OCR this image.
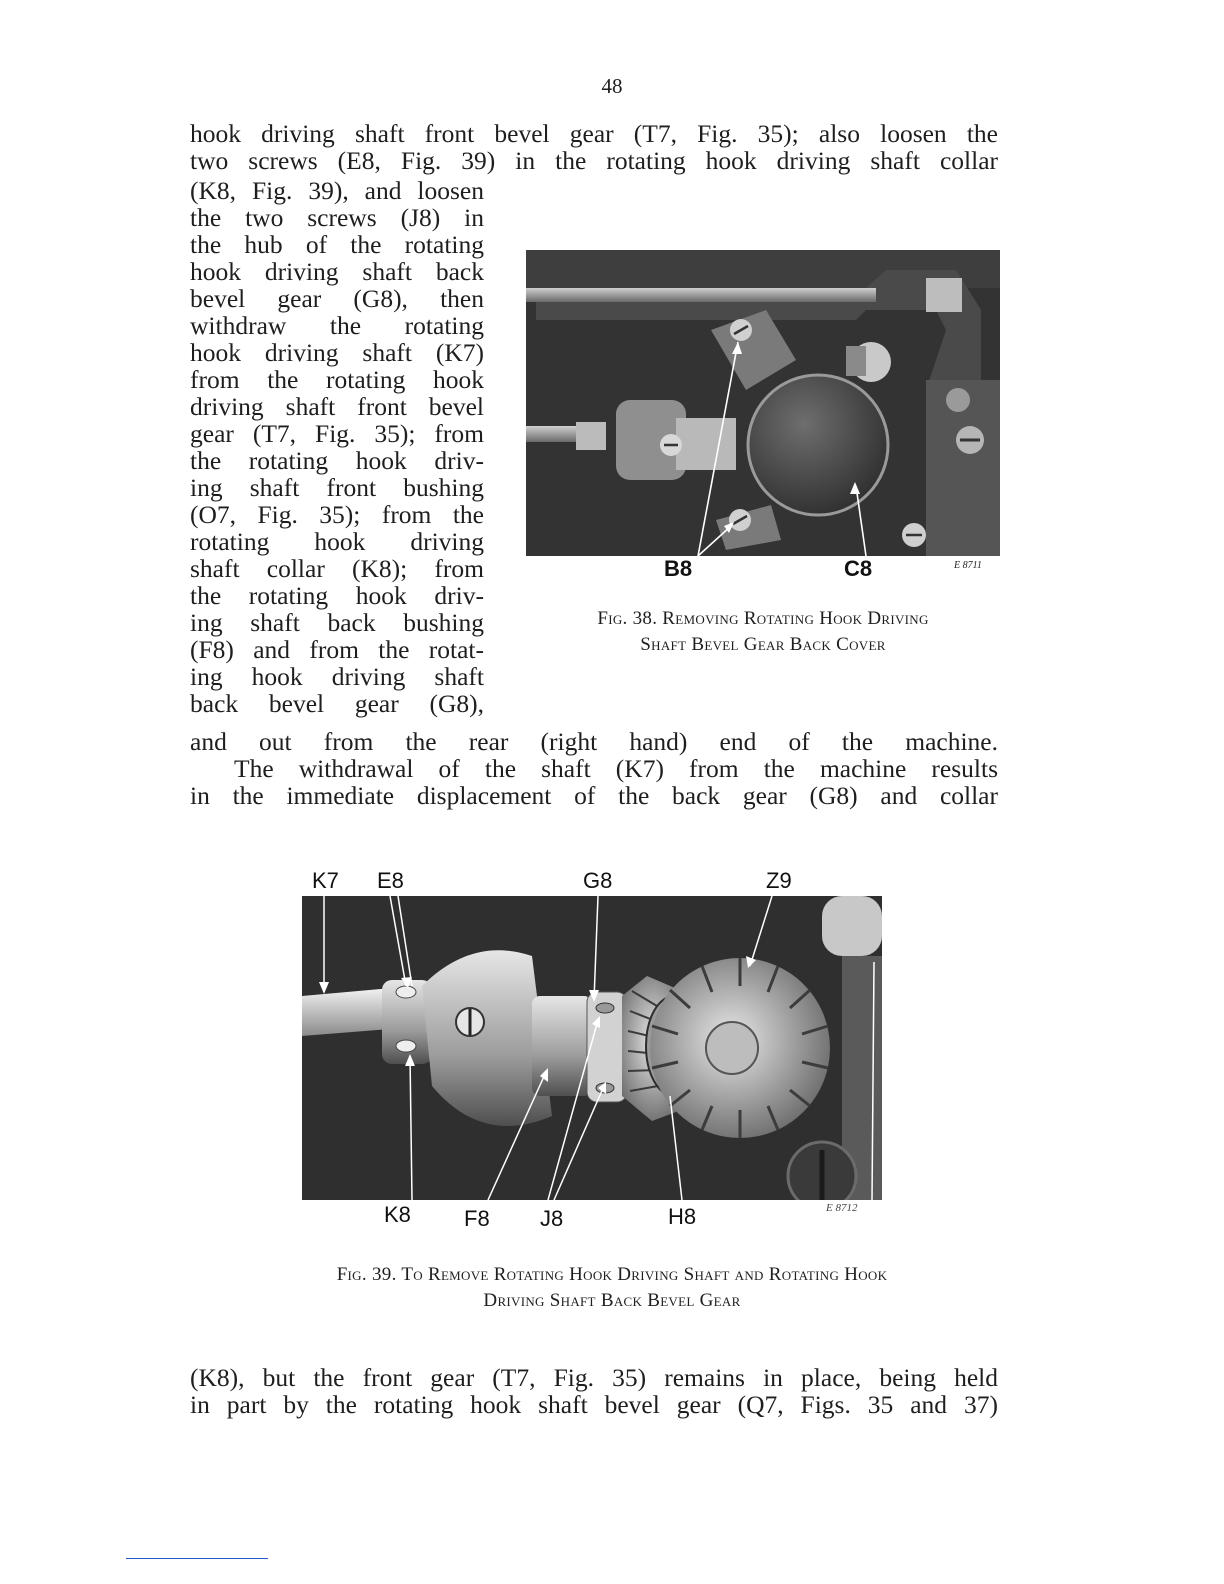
48
hook driving shaft front bevel gear (T7, Fig. 35); also loosen the
two screws (E8, Fig. 39) in the rotating hook driving shaft collar
(K8, Fig. 39), and loosen
the two screws (J8) in
the hub of the rotating
hook driving shaft back
bevel gear (G8), then
withdraw the rotating
hook driving shaft (K7)
from the rotating hook
driving shaft front bevel
gear (T7, Fig. 35); from
the rotating hook driv-
ing shaft front bushing
(O7, Fig. 35); from the
rotating hook driving
shaft collar (K8); from
the rotating hook driv-
ing shaft back bushing
(F8) and from the rotat-
ing hook driving shaft
back bevel gear (G8),
B8	C8	E 8711
Fig. 38. Removing Rotating Hook Driving
Shaft Bevel Gear Back Cover
and out from the rear (right hand) end of the machine.
The withdrawal of the shaft (K7) from the machine results
in the immediate displacement of the back gear (G8) and collar
K7 E8	G8	Z9
K8 F8 J8	H8	E 8712
Fig. 39. To Remove Rotating Hook Driving Shaft and Rotating Hook
Driving Shaft Back Bevel Gear
(K8), but the front gear (T7, Fig. 35) remains in place, being held
in part by the rotating hook shaft bevel gear (Q7, Figs. 35 and 37)
